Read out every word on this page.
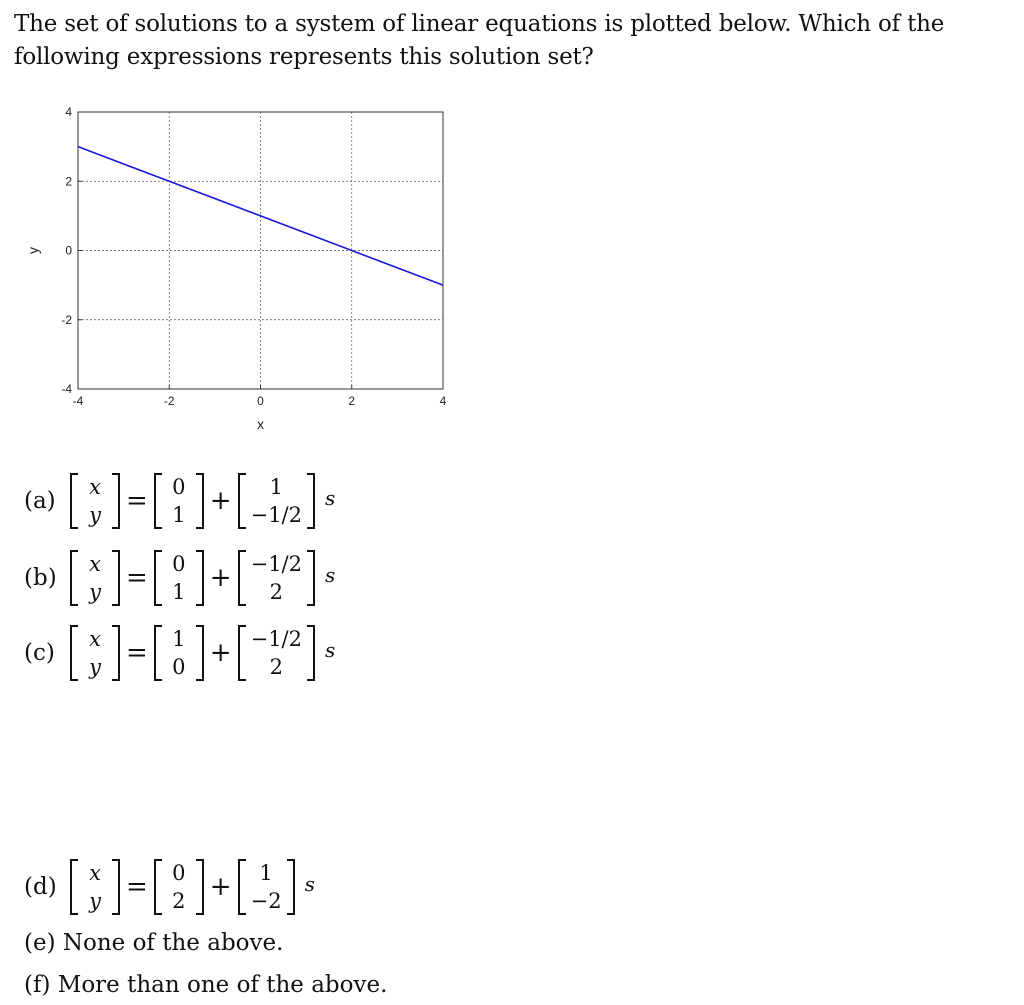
The set of solutions to a system of linear equations is plotted below. Which of the following expressions represents this solution set?
-4	-2	0	2	4
-4
-2
0
2
4
x
y
(a)
x
y = 0
1 +	1
−1/2
s
(b)
x
y = 0
1 + −1/2
2
s
(c)
x
y = 1
0 + −1/2
2
s
(d)
x
y = 0
2 +	1
−2
s
(e) None of the above.
(f) More than one of the above.
